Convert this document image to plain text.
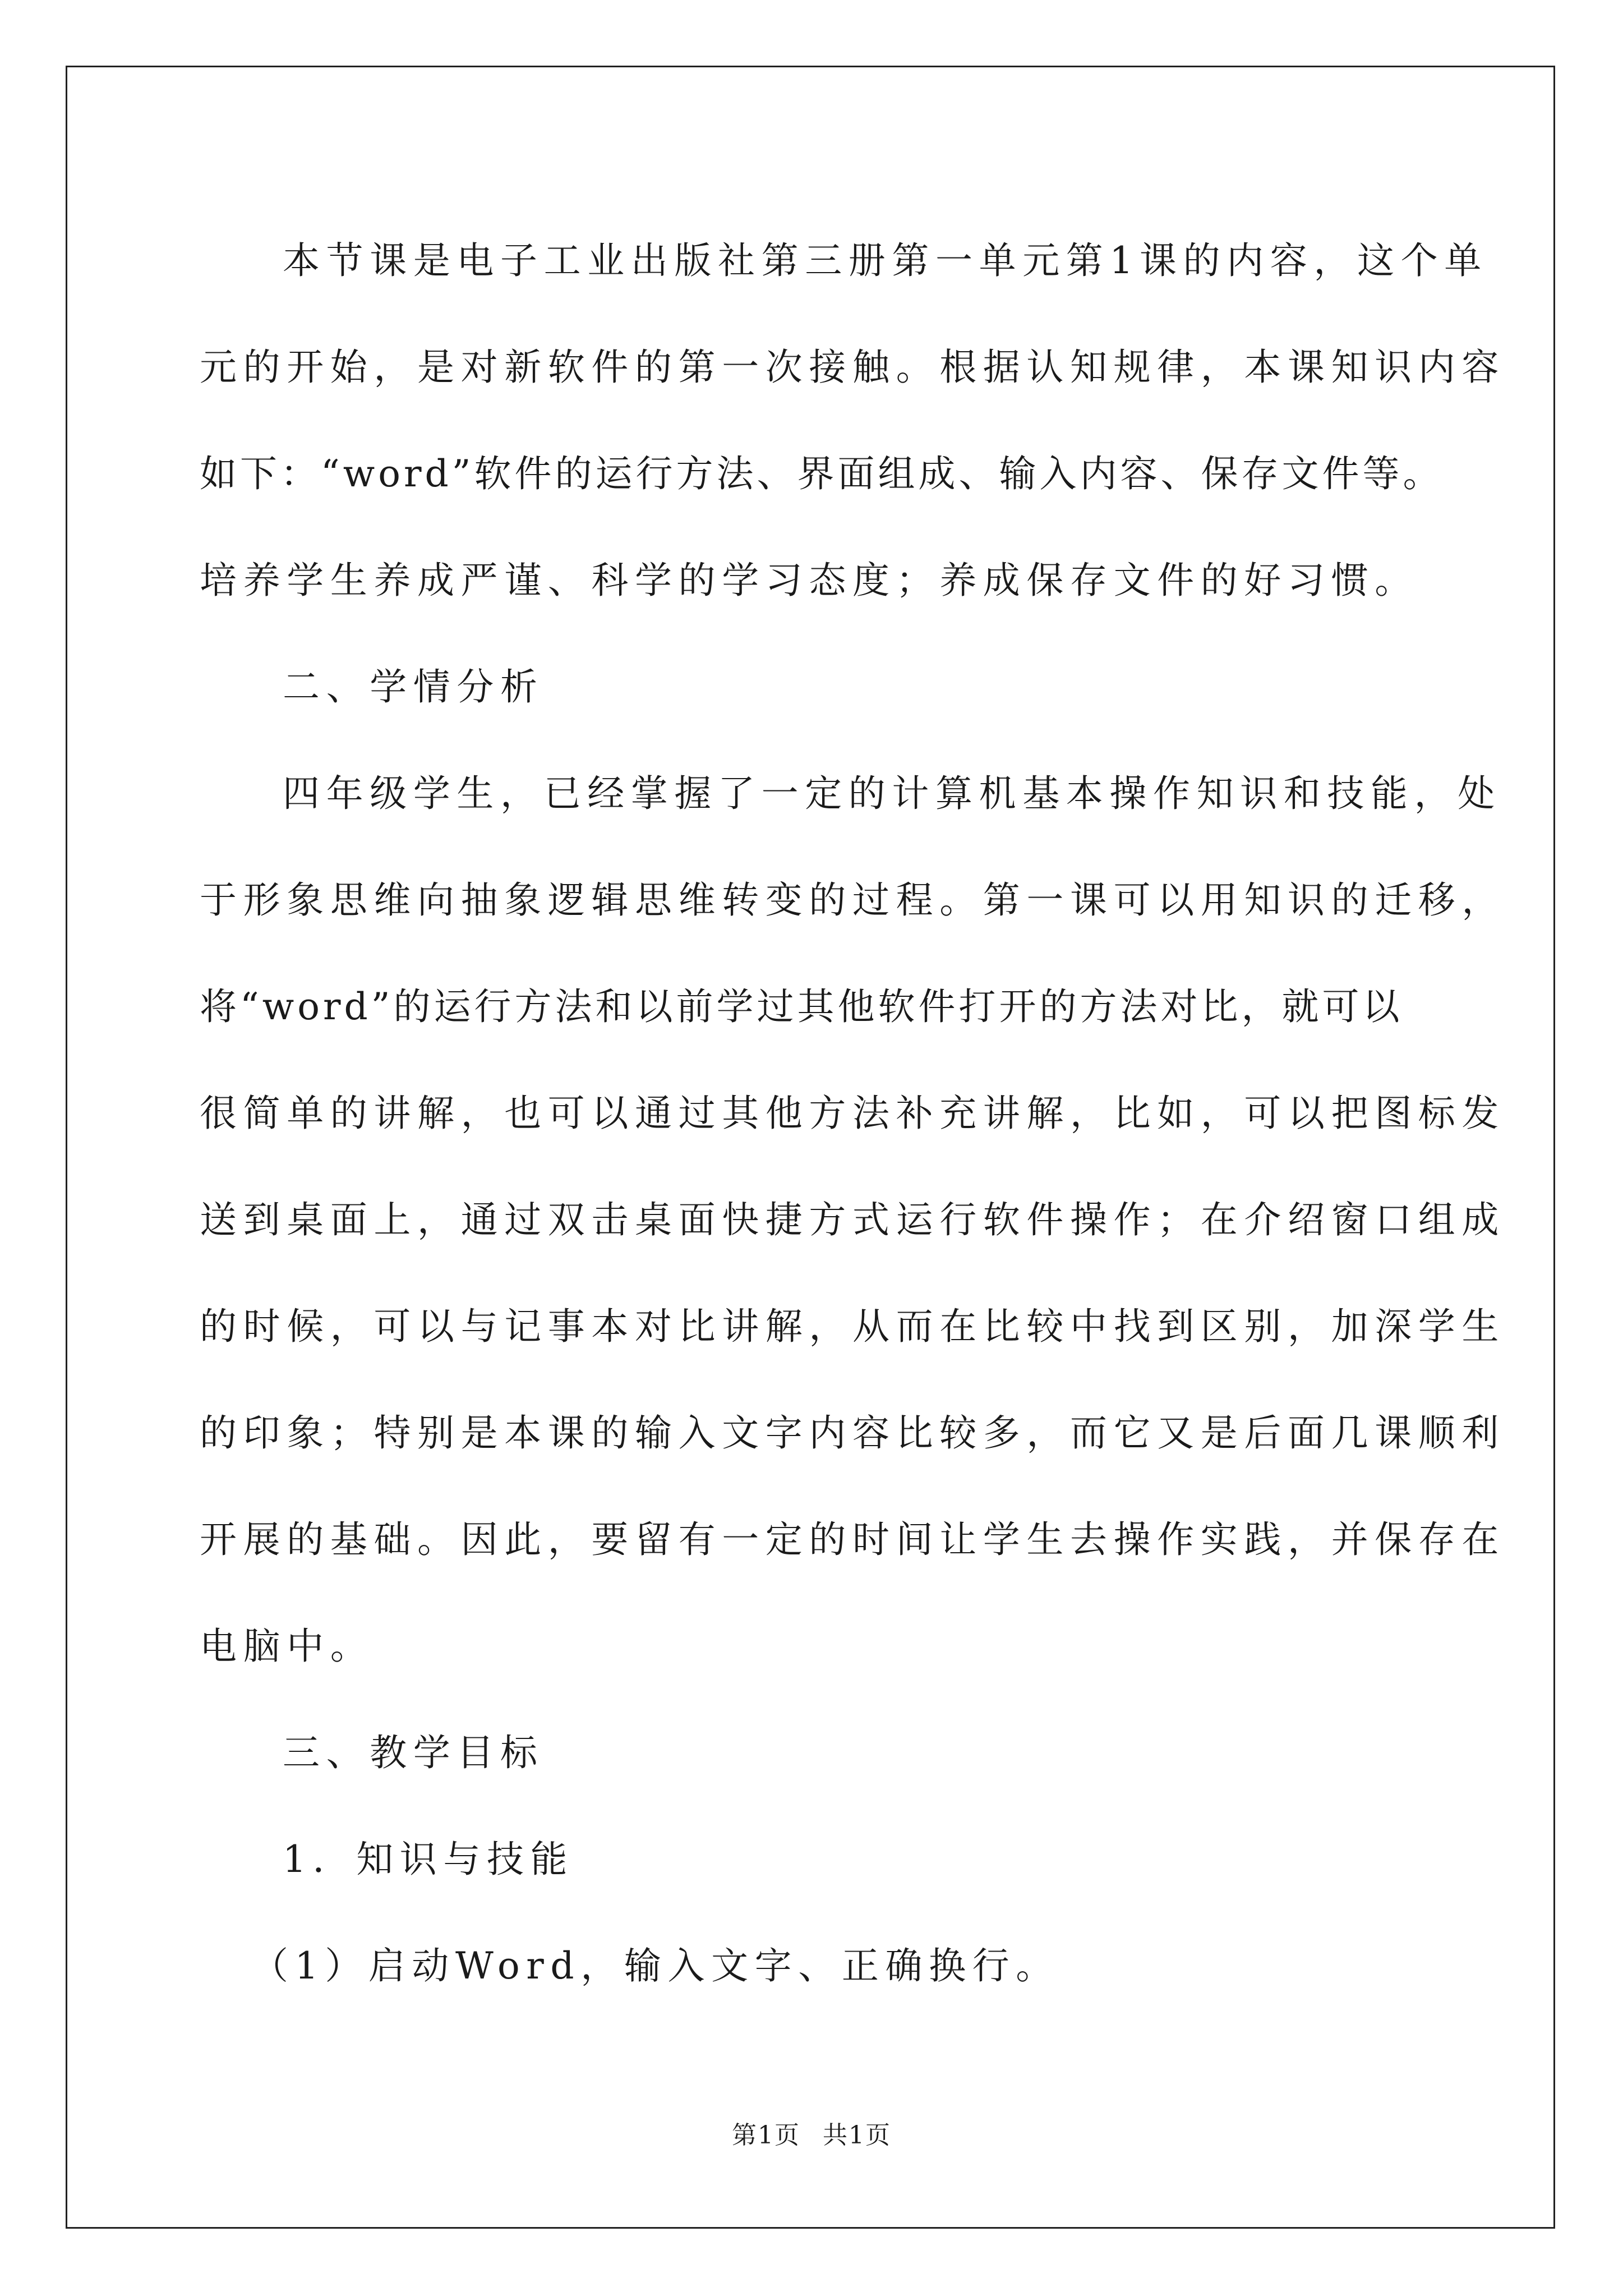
本节课是电子工业出版社第三册第一单元第1课的内容，这个单
元的开始，是对新软件的第一次接触。根据认知规律，本课知识内容
如下：“word”软件的运行方法、界面组成、输入内容、保存文件等。
培养学生养成严谨、科学的学习态度；养成保存文件的好习惯。
二、学情分析
四年级学生，已经掌握了一定的计算机基本操作知识和技能，处
于形象思维向抽象逻辑思维转变的过程。第一课可以用知识的迁移，
将“word”的运行方法和以前学过其他软件打开的方法对比，就可以
很简单的讲解，也可以通过其他方法补充讲解，比如，可以把图标发
送到桌面上，通过双击桌面快捷方式运行软件操作；在介绍窗口组成
的时候，可以与记事本对比讲解，从而在比较中找到区别，加深学生
的印象；特别是本课的输入文字内容比较多，而它又是后面几课顺利
开展的基础。因此，要留有一定的时间让学生去操作实践，并保存在
电脑中。
三、教学目标
1．知识与技能
（1）启动Word，输入文字、正确换行。
第1页 共1页
